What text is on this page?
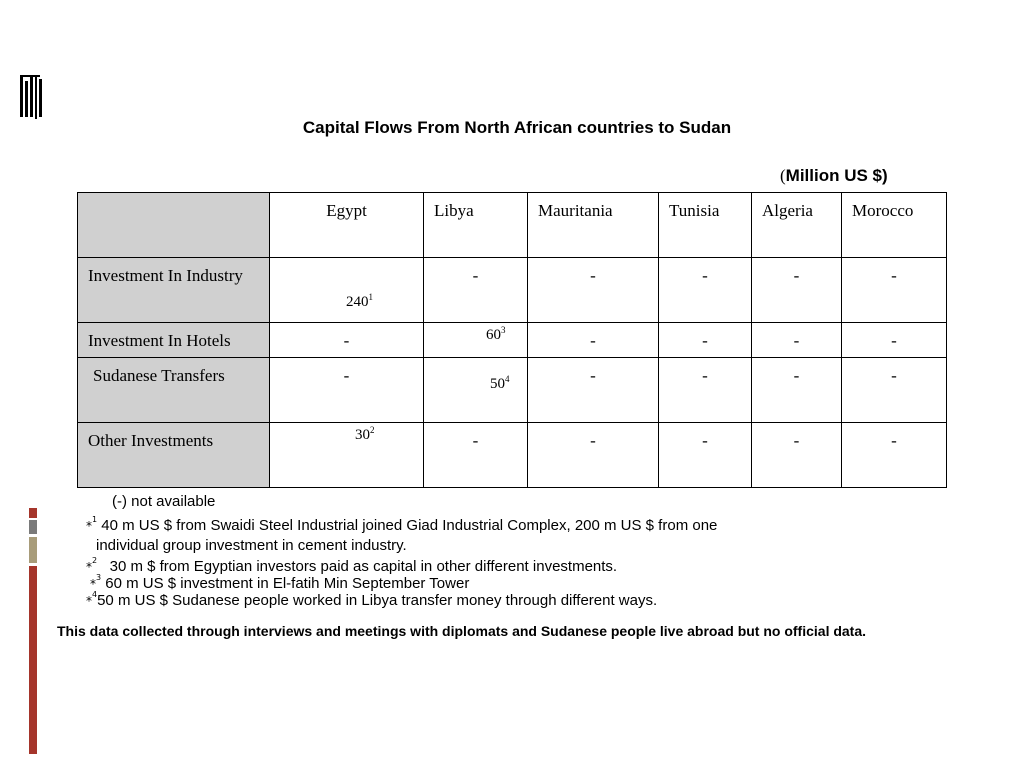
Capital Flows From North African countries to Sudan
(Million US $)
	Egypt	Libya	Mauritania	Tunisia	Algeria	Morocco
Investment In Industry	$240^1$	-	-	-	-	-
Investment In Hotels	-	$60^3$	-	-	-	-
Sudanese Transfers	-	$50^4$	-	-	-	-
Other Investments	$30^2$	-	-	-	-	-
(-) not available
*$^1$ 40 m US $ from Swaidi Steel Industrial joined Giad Industrial Complex, 200 m US $ from one
individual group investment in cement industry.
*$^2$ 30 m $ from Egyptian investors paid as capital in other different investments.
*$^3$ 60 m US $ investment in El-fatih Min September Tower
*$^4$50 m US $ Sudanese people worked in Libya transfer money through different ways.
This data collected through interviews and meetings with diplomats and Sudanese people live abroad but no official data.
